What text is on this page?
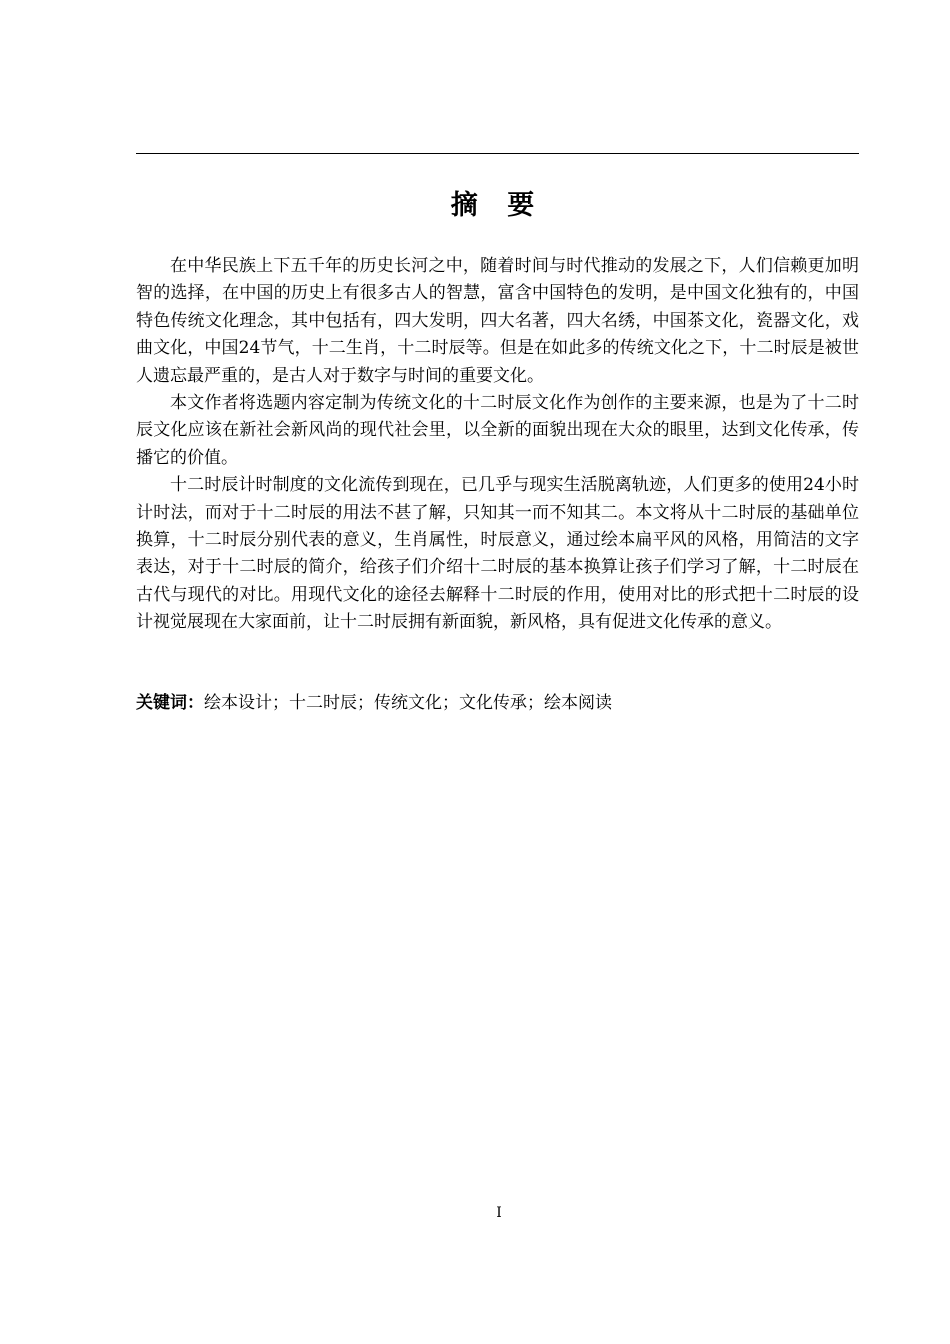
摘 要

在中华民族上下五千年的历史长河之中，随着时间与时代推动的发展之下，人们信赖更加明智的选择，在中国的历史上有很多古人的智慧，富含中国特色的发明，是中国文化独有的，中国特色传统文化理念，其中包括有，四大发明，四大名著，四大名绣，中国茶文化，瓷器文化，戏曲文化，中国24节气，十二生肖，十二时辰等。但是在如此多的传统文化之下，十二时辰是被世人遗忘最严重的，是古人对于数字与时间的重要文化。

本文作者将选题内容定制为传统文化的十二时辰文化作为创作的主要来源，也是为了十二时辰文化应该在新社会新风尚的现代社会里，以全新的面貌出现在大众的眼里，达到文化传承，传播它的价值。

十二时辰计时制度的文化流传到现在，已几乎与现实生活脱离轨迹，人们更多的使用24小时计时法，而对于十二时辰的用法不甚了解，只知其一而不知其二。本文将从十二时辰的基础单位换算，十二时辰分别代表的意义，生肖属性，时辰意义，通过绘本扁平风的风格，用简洁的文字表达，对于十二时辰的简介，给孩子们介绍十二时辰的基本换算让孩子们学习了解，十二时辰在古代与现代的对比。用现代文化的途径去解释十二时辰的作用，使用对比的形式把十二时辰的设计视觉展现在大家面前，让十二时辰拥有新面貌，新风格，具有促进文化传承的意义。

关键词：绘本设计；十二时辰；传统文化；文化传承；绘本阅读
I
